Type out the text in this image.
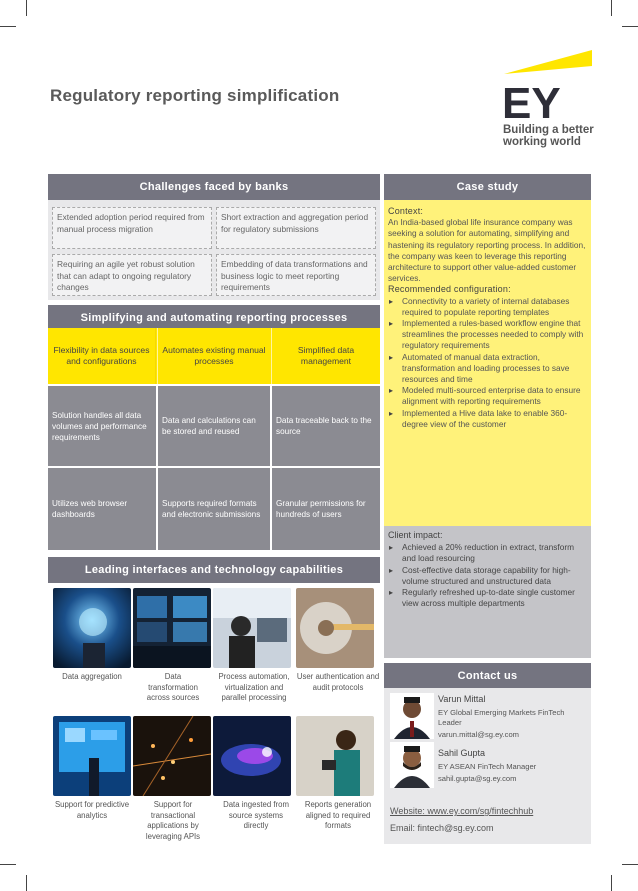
Regulatory reporting simplification	EY
Building a better
working world
Challenges faced by banks
Extended adoption period required from manual process migration
Short extraction and aggregation period for regulatory submissions
Requiring an agile yet robust solution that can adapt to ongoing regulatory changes
Embedding of data transformations and business logic to meet reporting requirements
Simplifying and automating reporting processes
Flexibility in data sources and configurations
Automates existing manual processes
Simplified data management
Solution handles all data volumes and performance requirements
Data and calculations can be stored and reused
Data traceable back to the source
Utilizes web browser dashboards
Supports required formats and electronic submissions
Granular permissions for hundreds of users
Leading interfaces and technology capabilities
Data aggregation	Data transformation across sources
Process automation, virtualization and parallel processing
User authentication and audit protocols
Support for predictive analytics
Support for transactional applications by leveraging APIs
Data ingested from source systems directly
Reports generation aligned to required formats
Case study
Context:
An India-based global life insurance company was seeking a solution for automating, simplifying and hastening its regulatory reporting process. In addition, the company was keen to leverage this reporting architecture to support other value-added customer services.
Recommended configuration:
▸ Connectivity to a variety of internal databases required to populate reporting templates
▸ Implemented a rules-based workflow engine that streamlines the processes needed to comply with regulatory requirements
▸ Automated of manual data extraction, transformation and loading processes to save resources and time
▸ Modeled multi-sourced enterprise data to ensure alignment with reporting requirements
▸ Implemented a Hive data lake to enable 360-degree view of the customer
Client impact:
▸ Achieved a 20% reduction in extract, transform and load resourcing
▸ Cost-effective data storage capability for high-volume structured and unstructured data
▸ Regularly refreshed up-to-date single customer view across multiple departments
Contact us
Varun Mittal
EY Global Emerging Markets FinTech Leader
varun.mittal@sg.ey.com
Sahil Gupta
EY ASEAN FinTech Manager
sahil.gupta@sg.ey.com
Website: www.ey.com/sg/fintechhub
Email: fintech@sg.ey.com
